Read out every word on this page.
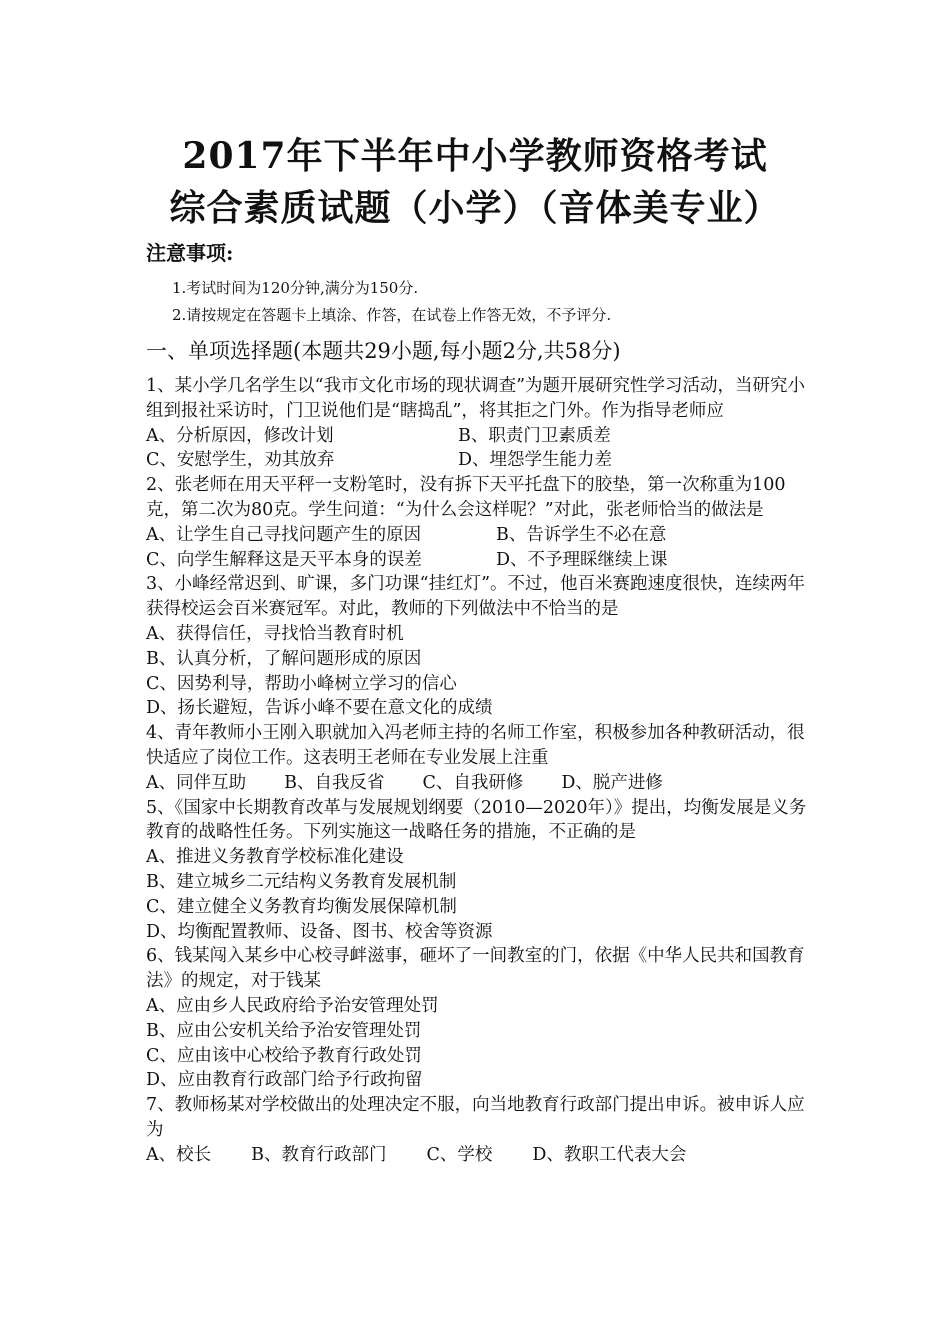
2017年下半年中小学教师资格考试
综合素质试题（小学）（音体美专业）
注意事项:
1.考试时间为120分钟,满分为150分.
2.请按规定在答题卡上填涂、作答，在试卷上作答无效，不予评分.
一、单项选择题(本题共29小题,每小题2分,共58分)

1、某小学几名学生以“我市文化市场的现状调查”为题开展研究性学习活动，当研究小组到报社采访时，门卫说他们是“瞎捣乱”，将其拒之门外。作为指导老师应

A、分析原因，修改计划	B、职责门卫素质差
C、安慰学生，劝其放弃	D、埋怨学生能力差

2、张老师在用天平秤一支粉笔时，没有拆下天平托盘下的胶垫，第一次称重为100克，第二次为80克。学生问道：“为什么会这样呢？”对此，张老师恰当的做法是

A、让学生自己寻找问题产生的原因	B、告诉学生不必在意
C、向学生解释这是天平本身的误差	D、不予理睬继续上课

3、小峰经常迟到、旷课，多门功课“挂红灯”。不过，他百米赛跑速度很快，连续两年获得校运会百米赛冠军。对此，教师的下列做法中不恰当的是

A、获得信任，寻找恰当教育时机
B、认真分析，了解问题形成的原因
C、因势利导，帮助小峰树立学习的信心
D、扬长避短，告诉小峰不要在意文化的成绩

4、青年教师小王刚入职就加入冯老师主持的名师工作室，积极参加各种教研活动，很快适应了岗位工作。这表明王老师在专业发展上注重

A、同伴互助 B、自我反省 C、自我研修 D、脱产进修

5、《国家中长期教育改革与发展规划纲要（2010—2020年）》提出，均衡发展是义务教育的战略性任务。下列实施这一战略任务的措施，不正确的是

A、推进义务教育学校标准化建设
B、建立城乡二元结构义务教育发展机制
C、建立健全义务教育均衡发展保障机制
D、均衡配置教师、设备、图书、校舍等资源

6、钱某闯入某乡中心校寻衅滋事，砸坏了一间教室的门，依据《中华人民共和国教育法》的规定，对于钱某

A、应由乡人民政府给予治安管理处罚
B、应由公安机关给予治安管理处罚
C、应由该中心校给予教育行政处罚
D、应由教育行政部门给予行政拘留

7、教师杨某对学校做出的处理决定不服，向当地教育行政部门提出申诉。被申诉人应为

A、校长 B、教育行政部门 C、学校 D、教职工代表大会
